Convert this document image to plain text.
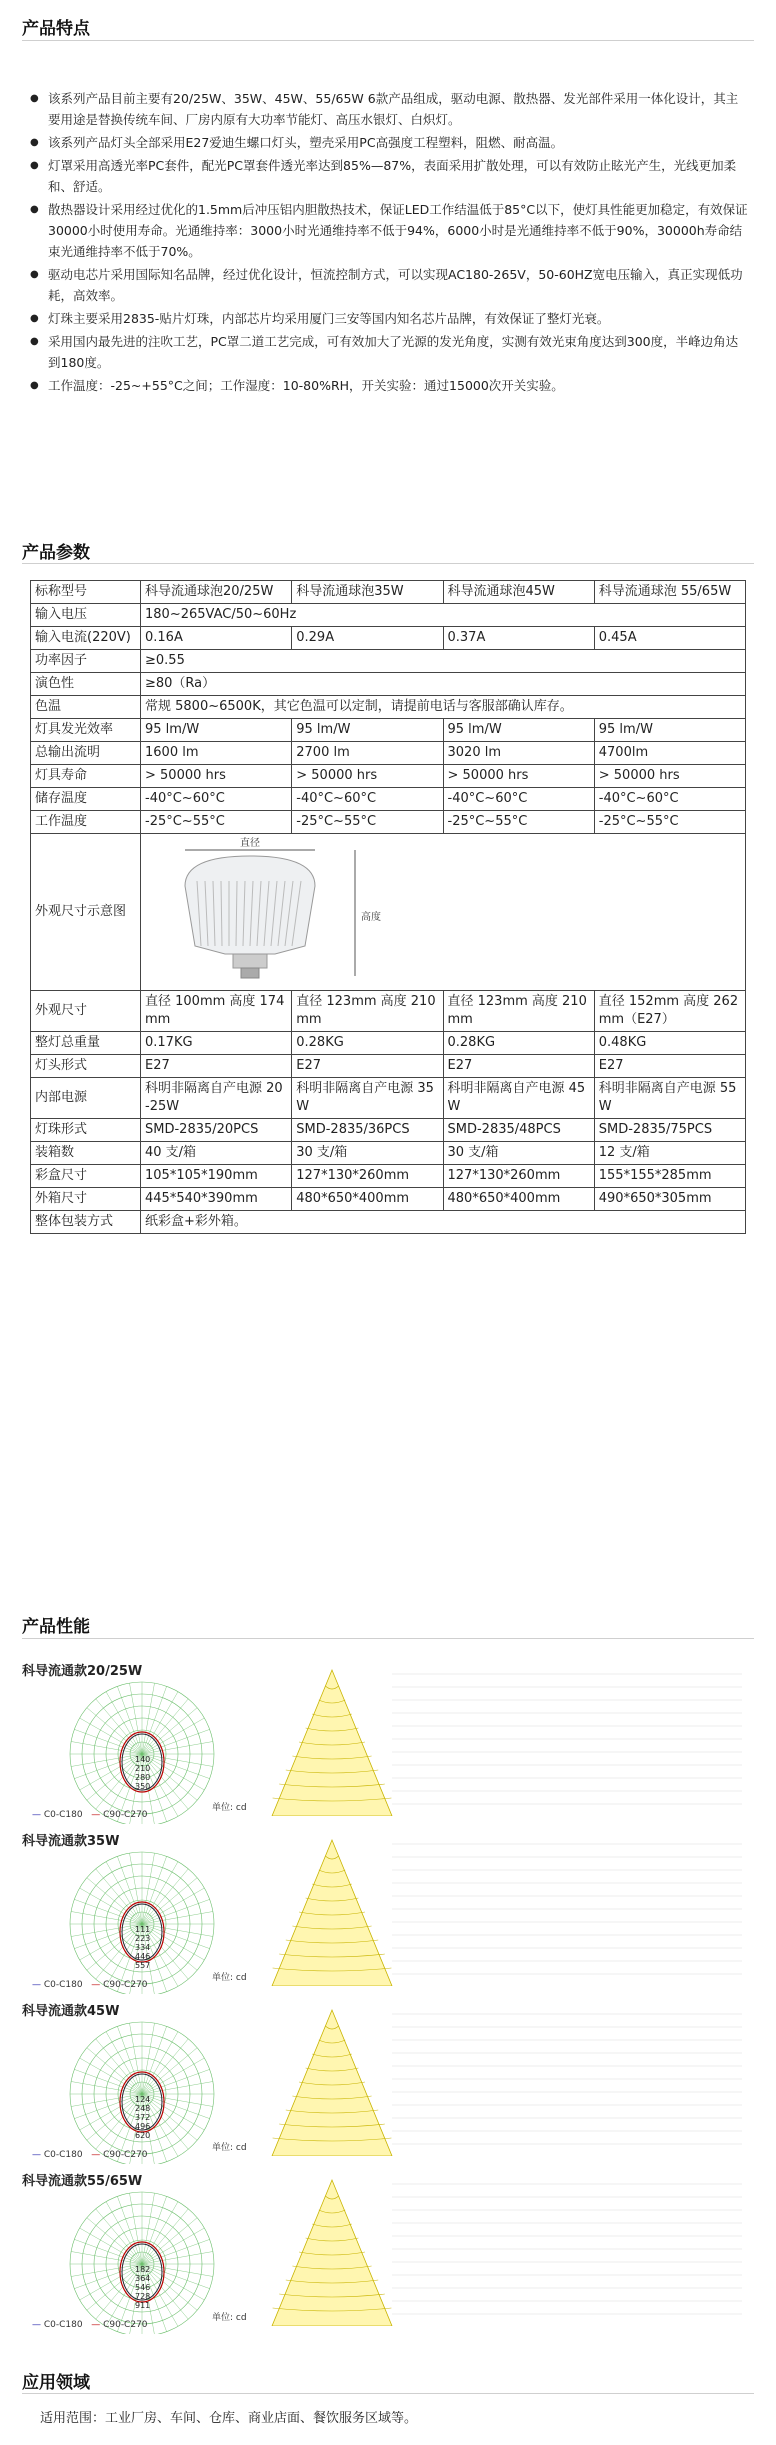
产品特点
● 该系列产品目前主要有20/25W、35W、45W、55/65W 6款产品组成，驱动电源、散热器、发光部件采用一体化设计，其主要用途是替换传统车间、厂房内原有大功率节能灯、高压水银灯、白炽灯。
● 该系列产品灯头全部采用E27爱迪生螺口灯头，塑壳采用PC高强度工程塑料，阻燃、耐高温。
● 灯罩采用高透光率PC套件，配光PC罩套件透光率达到85%—87%，表面采用扩散处理，可以有效防止眩光产生，光线更加柔和、舒适。
● 散热器设计采用经过优化的1.5mm后冲压铝内胆散热技术，保证LED工作结温低于85°C以下，使灯具性能更加稳定，有效保证30000小时使用寿命。光通维持率：3000小时光通维持率不低于94%，6000小时是光通维持率不低于90%，30000h寿命结束光通维持率不低于70%。
● 驱动电芯片采用国际知名品牌，经过优化设计，恒流控制方式，可以实现AC180-265V，50-60HZ宽电压输入，真正实现低功耗，高效率。
● 灯珠主要采用2835-贴片灯珠，内部芯片均采用厦门三安等国内知名芯片品牌，有效保证了整灯光衰。
● 采用国内最先进的注吹工艺，PC罩二道工艺完成，可有效加大了光源的发光角度，实测有效光束角度达到300度，半峰边角达到180度。
● 工作温度：-25~+55°C之间；工作湿度：10-80%RH，开关实验：通过15000次开关实验。
产品参数
标称型号	科导流通球泡20/25W	科导流通球泡35W	科导流通球泡45W	科导流通球泡 55/65W
输入电压	180~265VAC/50~60Hz			
输入电流(220V)	0.16A	0.29A	0.37A	0.45A
功率因子	≥0.55			
演色性	≥80（Ra）			
色温	常规 5800~6500K，其它色温可以定制，请提前电话与客服部确认库存。			
灯具发光效率	95 lm/W	95 lm/W	95 lm/W	95 lm/W
总输出流明	1600 lm	2700 lm	3020 lm	4700lm
灯具寿命	> 50000 hrs	> 50000 hrs	> 50000 hrs	> 50000 hrs
储存温度	-40°C~60°C	-40°C~60°C	-40°C~60°C	-40°C~60°C
工作温度	-25°C~55°C	-25°C~55°C	-25°C~55°C	-25°C~55°C
外观尺寸示意图	直径
高度			

外观尺寸	直径 100mm 高度 174mm	直径 123mm 高度 210mm	直径 123mm 高度 210mm	直径 152mm 高度 262mm（E27）
整灯总重量	0.17KG	0.28KG	0.28KG	0.48KG
灯头形式	E27	E27	E27	E27
内部电源	科明非隔离自产电源 20-25W	科明非隔离自产电源 35W	科明非隔离自产电源 45W	科明非隔离自产电源 55W
灯珠形式	SMD-2835/20PCS	SMD-2835/36PCS	SMD-2835/48PCS	SMD-2835/75PCS
装箱数	40 支/箱	30 支/箱	30 支/箱	12 支/箱
彩盒尺寸	105*105*190mm	127*130*260mm	127*130*260mm	155*155*285mm
外箱尺寸	445*540*390mm	480*650*400mm	480*650*400mm	490*650*305mm
整体包装方式	纸彩盒+彩外箱。			
产品性能
科导流通款20/25W
140
210
280
350
— C0-C180 — C90-C270
单位: cd
科导流通款35W
111
223
334
446
557
— C0-C180 — C90-C270
单位: cd
科导流通款45W
124
248
372
496
620
— C0-C180 — C90-C270
单位: cd
科导流通款55/65W
182
364
546
728
911
— C0-C180 — C90-C270
单位: cd
应用领域
适用范围：工业厂房、车间、仓库、商业店面、餐饮服务区域等。
